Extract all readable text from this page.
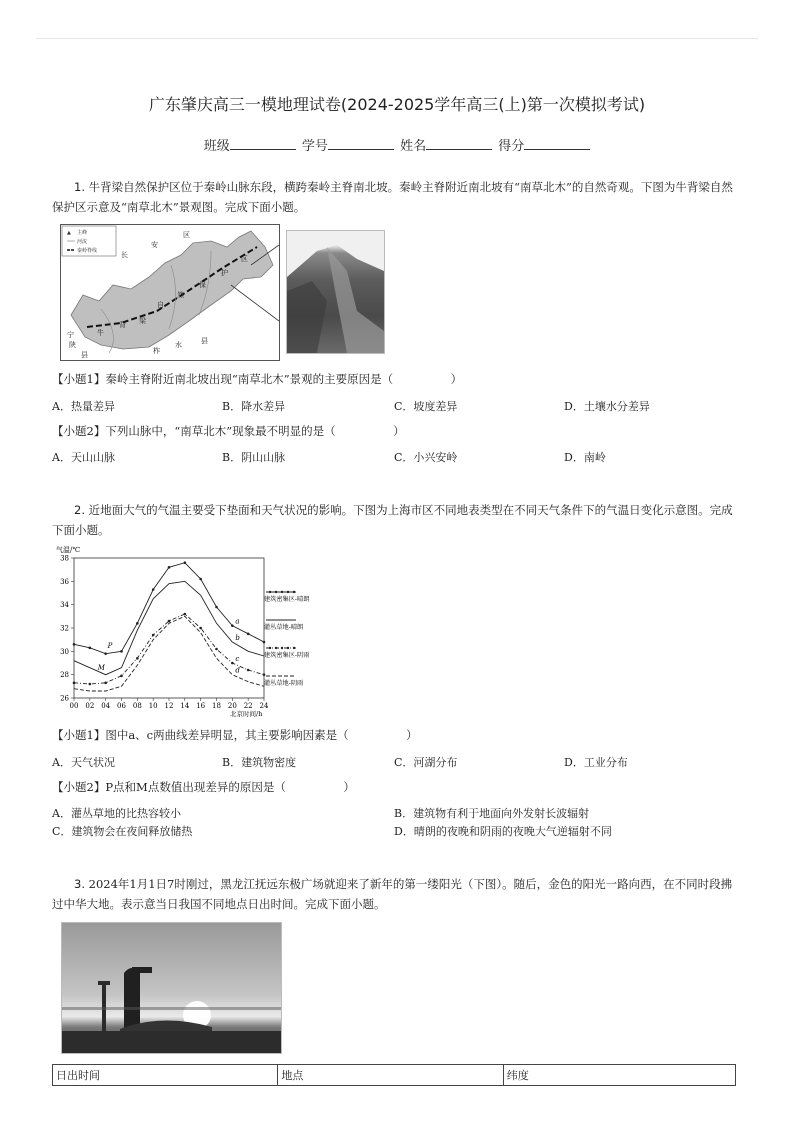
广东肇庆高三一模地理试卷(2024-2025学年高三(上)第一次模拟考试)
班级	学号	姓名	得分
1. 牛背梁自然保护区位于秦岭山脉东段，横跨秦岭主脊南北坡。秦岭主脊附近南北坡有“南草北木”的自然奇观。下图为牛背梁自然保护区示意及“南草北木”景观图。完成下面小题。
▲ 主峰
河流
秦岭脊线
区
长
安
区
护
保
然
自
梁
背
牛
宁
陕
县	柞
水	县
【小题1】秦岭主脊附近南北坡出现“南草北木”景观的主要原因是（　　　　　）
A．热量差异	B．降水差异	C．坡度差异	D．土壤水分差异
【小题2】下列山脉中，“南草北木”现象最不明显的是（　　　　　）
A．天山山脉	B．阴山山脉	C．小兴安岭	D．南岭
2. 近地面大气的气温主要受下垫面和天气状况的影响。下图为上海市区不同地表类型在不同天气条件下的气温日变化示意图。完成下面小题。
气温/℃
a
b
c
d
P
M
26
28
30
32
34
36
38
00 02 04 06 08 10 12 14 16 18 20 22 24
建筑密集区-晴朗
灌丛草地-晴朗
建筑密集区-阴雨
灌丛草地-阴雨
北京时间/h
【小题1】图中a、c两曲线差异明显，其主要影响因素是（　　　　　）
A．天气状况	B．建筑物密度	C．河湖分布	D．工业分布
【小题2】P点和M点数值出现差异的原因是（　　　　　）
A．灌丛草地的比热容较小	B．建筑物有利于地面向外发射长波辐射
C．建筑物会在夜间释放储热	D．晴朗的夜晚和阴雨的夜晚大气逆辐射不同
3. 2024年1月1日7时刚过，黑龙江抚远东极广场就迎来了新年的第一缕阳光（下图）。随后，金色的阳光一路向西，在不同时段拂过中华大地。表示意当日我国不同地点日出时间。完成下面小题。
日出时间	地点	纬度
